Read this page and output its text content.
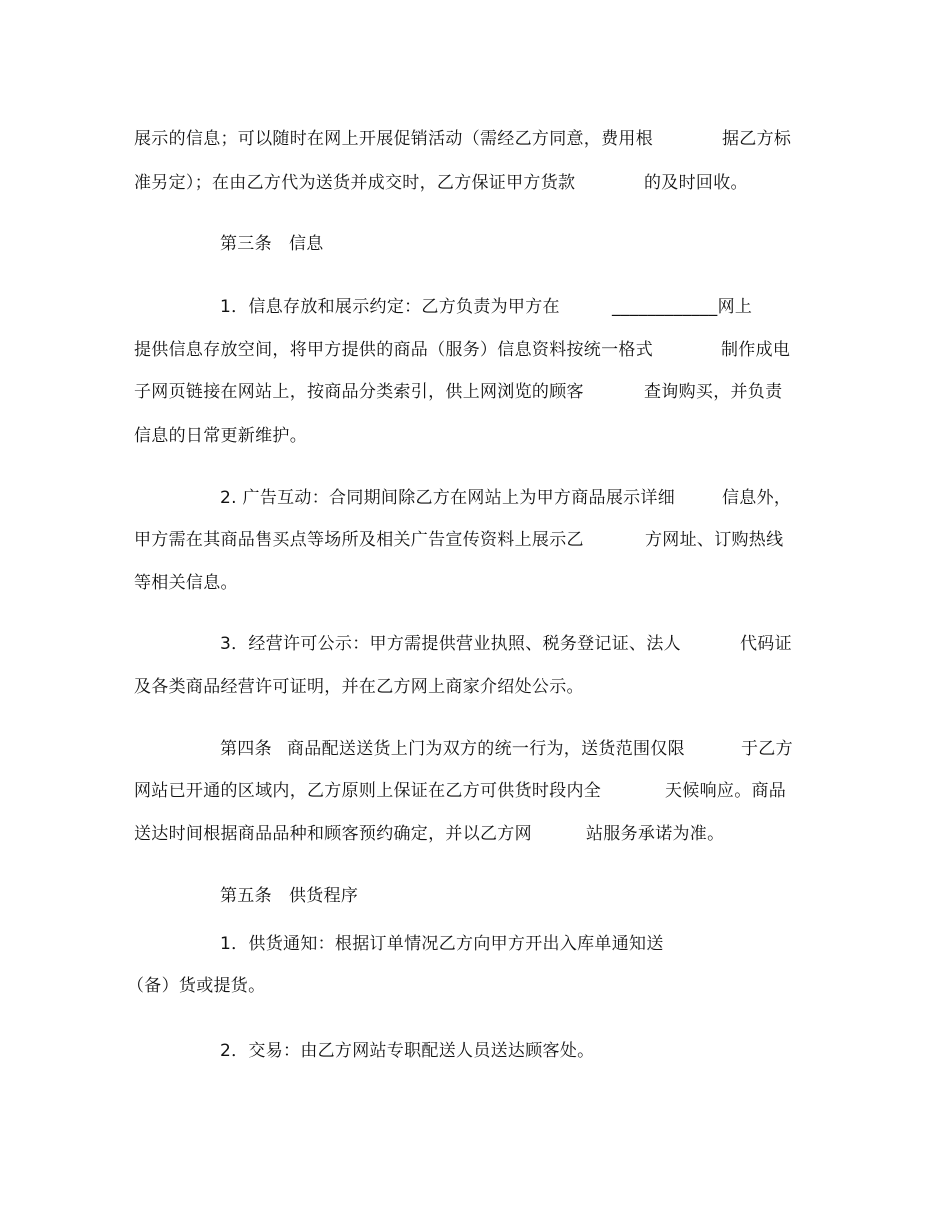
展示的信息；可以随时在网上开展促销活动（需经乙方同意，费用根	据乙方标
准另定）；在由乙方代为送货并成交时，乙方保证甲方货款	的及时回收。
第三条 信息
1．信息存放和展示约定：乙方负责为甲方在	____________网上
提供信息存放空间，将甲方提供的商品（服务）信息资料按统一格式	制作成电
子网页链接在网站上，按商品分类索引，供上网浏览的顾客	查询购买，并负责
信息的日常更新维护。
2. 广告互动：合同期间除乙方在网站上为甲方商品展示详细	信息外，
甲方需在其商品售买点等场所及相关广告宣传资料上展示乙	方网址、订购热线
等相关信息。
3．经营许可公示：甲方需提供营业执照、税务登记证、法人	代码证
及各类商品经营许可证明，并在乙方网上商家介绍处公示。
第四条 商品配送送货上门为双方的统一行为，送货范围仅限	于乙方
网站已开通的区域内，乙方原则上保证在乙方可供货时段内全	天候响应。商品
送达时间根据商品品种和顾客预约确定，并以乙方网	站服务承诺为准。
第五条 供货程序
1．供货通知：根据订单情况乙方向甲方开出入库单通知送
（备）货或提货。
2．交易：由乙方网站专职配送人员送达顾客处。
